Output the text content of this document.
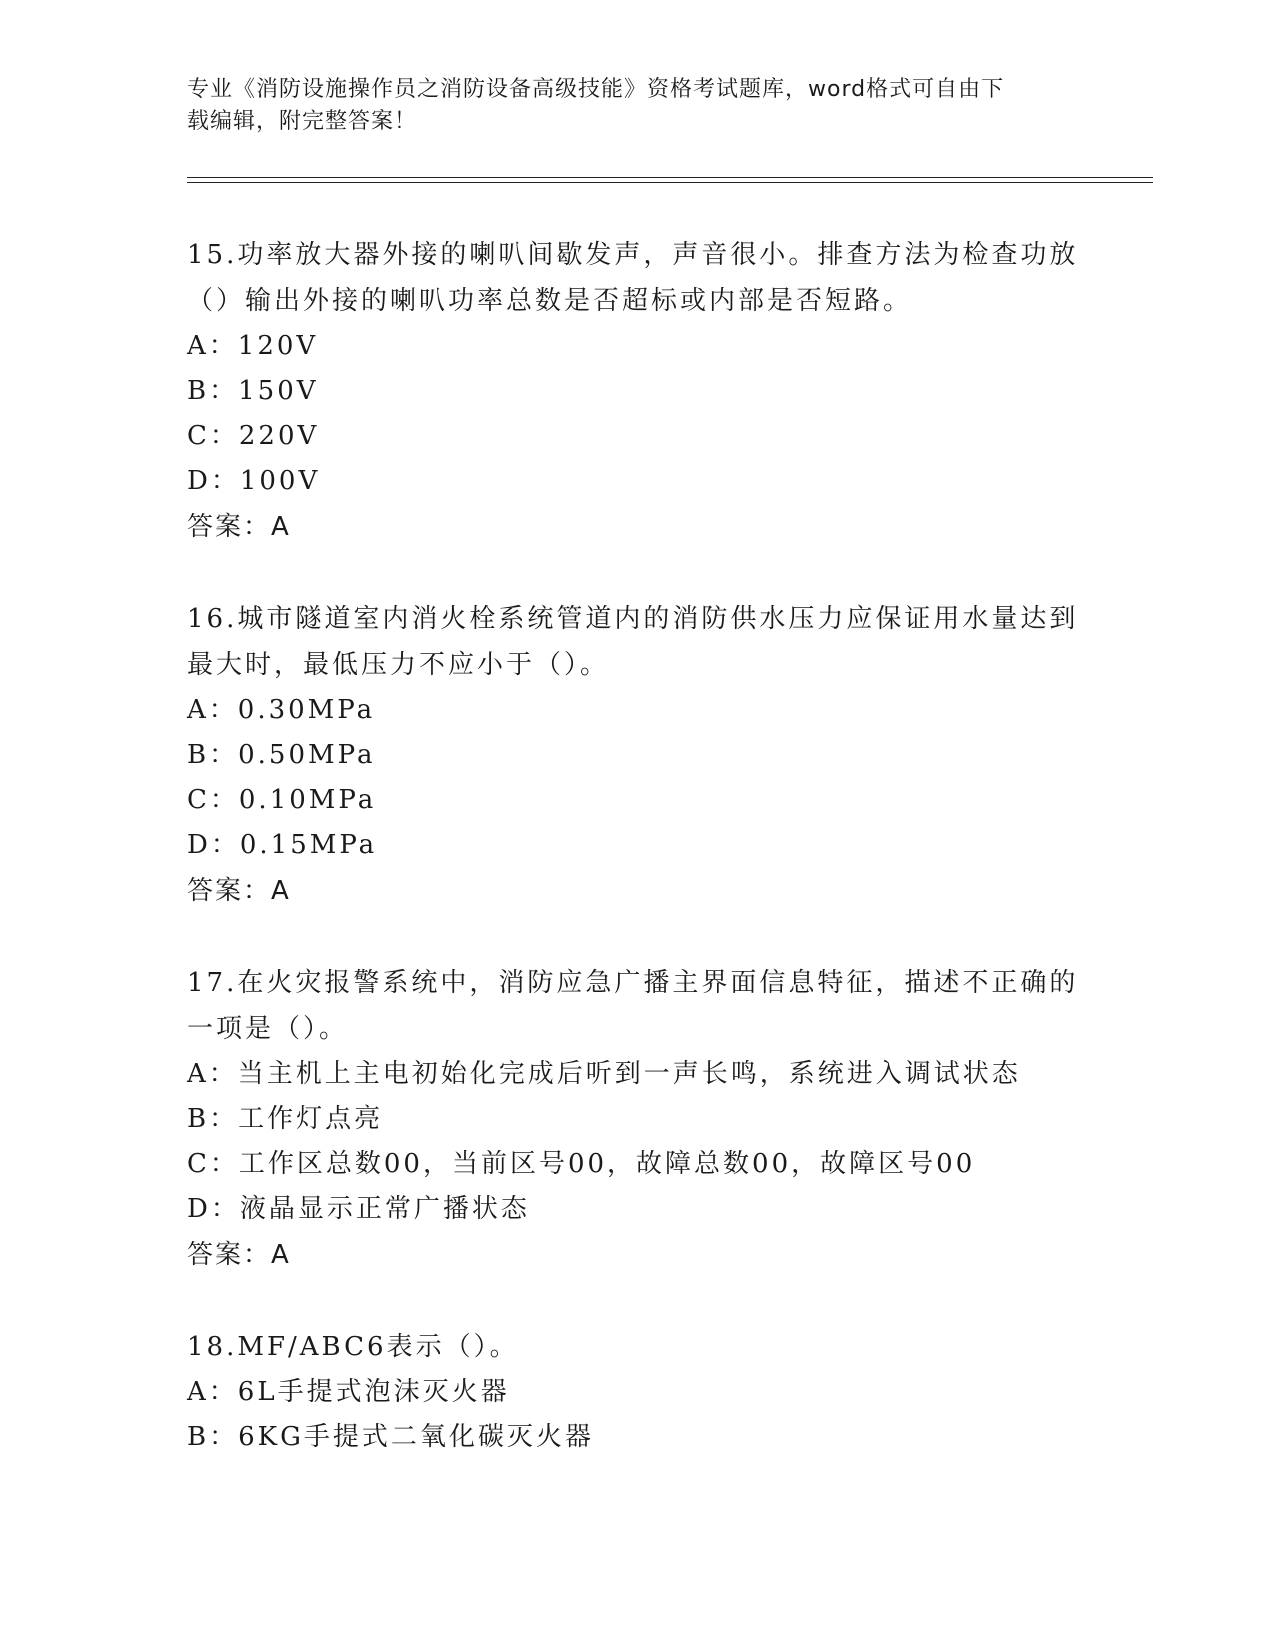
专业《消防设施操作员之消防设备高级技能》资格考试题库，word格式可自由下
载编辑，附完整答案！

15.功率放大器外接的喇叭间歇发声，声音很小。排查方法为检查功放

（）输出外接的喇叭功率总数是否超标或内部是否短路。

A：120V

B：150V

C：220V

D：100V

答案：A

16.城市隧道室内消火栓系统管道内的消防供水压力应保证用水量达到

最大时，最低压力不应小于（）。

A：0.30MPa

B：0.50MPa

C：0.10MPa

D：0.15MPa

答案：A

17.在火灾报警系统中，消防应急广播主界面信息特征，描述不正确的

一项是（）。

A：当主机上主电初始化完成后听到一声长鸣，系统进入调试状态

B：工作灯点亮

C：工作区总数00，当前区号00，故障总数00，故障区号00

D：液晶显示正常广播状态

答案：A

18.MF/ABC6表示（）。

A：6L手提式泡沫灭火器

B：6KG手提式二氧化碳灭火器
